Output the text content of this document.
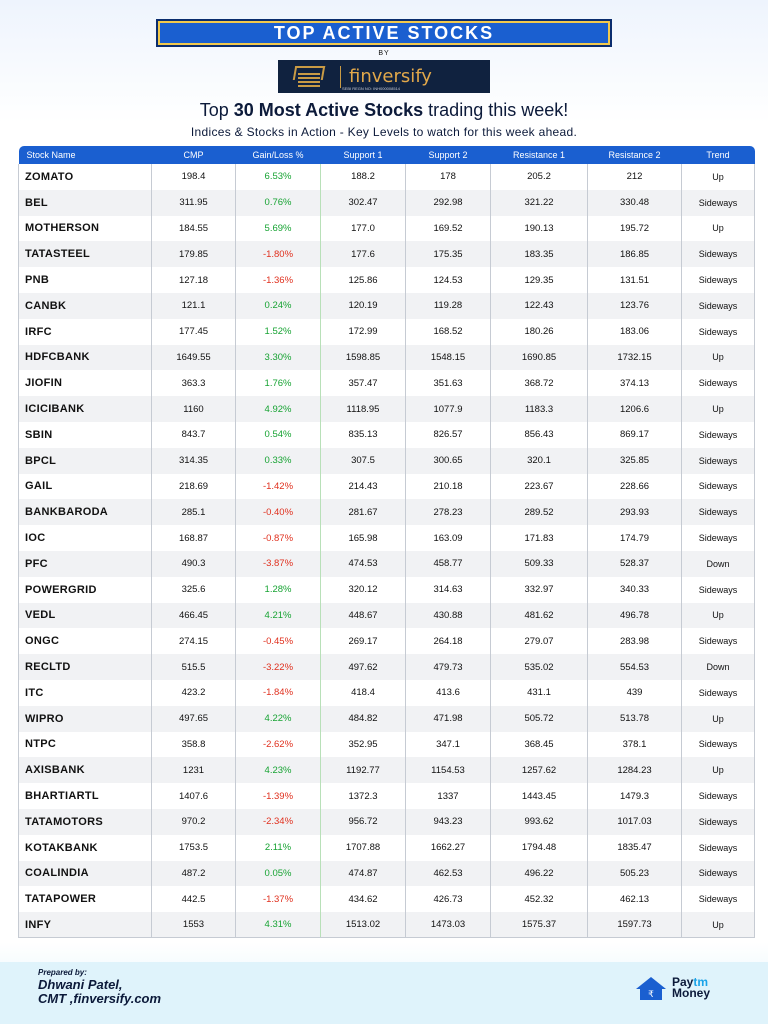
TOP ACTIVE STOCKS
BY
finversify
SEBI REGN NO: INH000008514
Top 30 Most Active Stocks trading this week!
Indices & Stocks in Action - Key Levels to watch for this week ahead.
Stock Name	CMP	Gain/Loss %	Support 1	Support 2	Resistance 1	Resistance 2	Trend
ZOMATO	198.4	6.53%	188.2	178	205.2	212	Up
BEL	311.95	0.76%	302.47	292.98	321.22	330.48	Sideways
MOTHERSON	184.55	5.69%	177.0	169.52	190.13	195.72	Up
TATASTEEL	179.85	-1.80%	177.6	175.35	183.35	186.85	Sideways
PNB	127.18	-1.36%	125.86	124.53	129.35	131.51	Sideways
CANBK	121.1	0.24%	120.19	119.28	122.43	123.76	Sideways
IRFC	177.45	1.52%	172.99	168.52	180.26	183.06	Sideways
HDFCBANK	1649.55	3.30%	1598.85	1548.15	1690.85	1732.15	Up
JIOFIN	363.3	1.76%	357.47	351.63	368.72	374.13	Sideways
ICICIBANK	1160	4.92%	1118.95	1077.9	1183.3	1206.6	Up
SBIN	843.7	0.54%	835.13	826.57	856.43	869.17	Sideways
BPCL	314.35	0.33%	307.5	300.65	320.1	325.85	Sideways
GAIL	218.69	-1.42%	214.43	210.18	223.67	228.66	Sideways
BANKBARODA	285.1	-0.40%	281.67	278.23	289.52	293.93	Sideways
IOC	168.87	-0.87%	165.98	163.09	171.83	174.79	Sideways
PFC	490.3	-3.87%	474.53	458.77	509.33	528.37	Down
POWERGRID	325.6	1.28%	320.12	314.63	332.97	340.33	Sideways
VEDL	466.45	4.21%	448.67	430.88	481.62	496.78	Up
ONGC	274.15	-0.45%	269.17	264.18	279.07	283.98	Sideways
RECLTD	515.5	-3.22%	497.62	479.73	535.02	554.53	Down
ITC	423.2	-1.84%	418.4	413.6	431.1	439	Sideways
WIPRO	497.65	4.22%	484.82	471.98	505.72	513.78	Up
NTPC	358.8	-2.62%	352.95	347.1	368.45	378.1	Sideways
AXISBANK	1231	4.23%	1192.77	1154.53	1257.62	1284.23	Up
BHARTIARTL	1407.6	-1.39%	1372.3	1337	1443.45	1479.3	Sideways
TATAMOTORS	970.2	-2.34%	956.72	943.23	993.62	1017.03	Sideways
KOTAKBANK	1753.5	2.11%	1707.88	1662.27	1794.48	1835.47	Sideways
COALINDIA	487.2	0.05%	474.87	462.53	496.22	505.23	Sideways
TATAPOWER	442.5	-1.37%	434.62	426.73	452.32	462.13	Sideways
INFY	1553	4.31%	1513.02	1473.03	1575.37	1597.73	Up
Prepared by:
Dhwani Patel,
CMT ,finversify.com	₹
Paytm
Money
